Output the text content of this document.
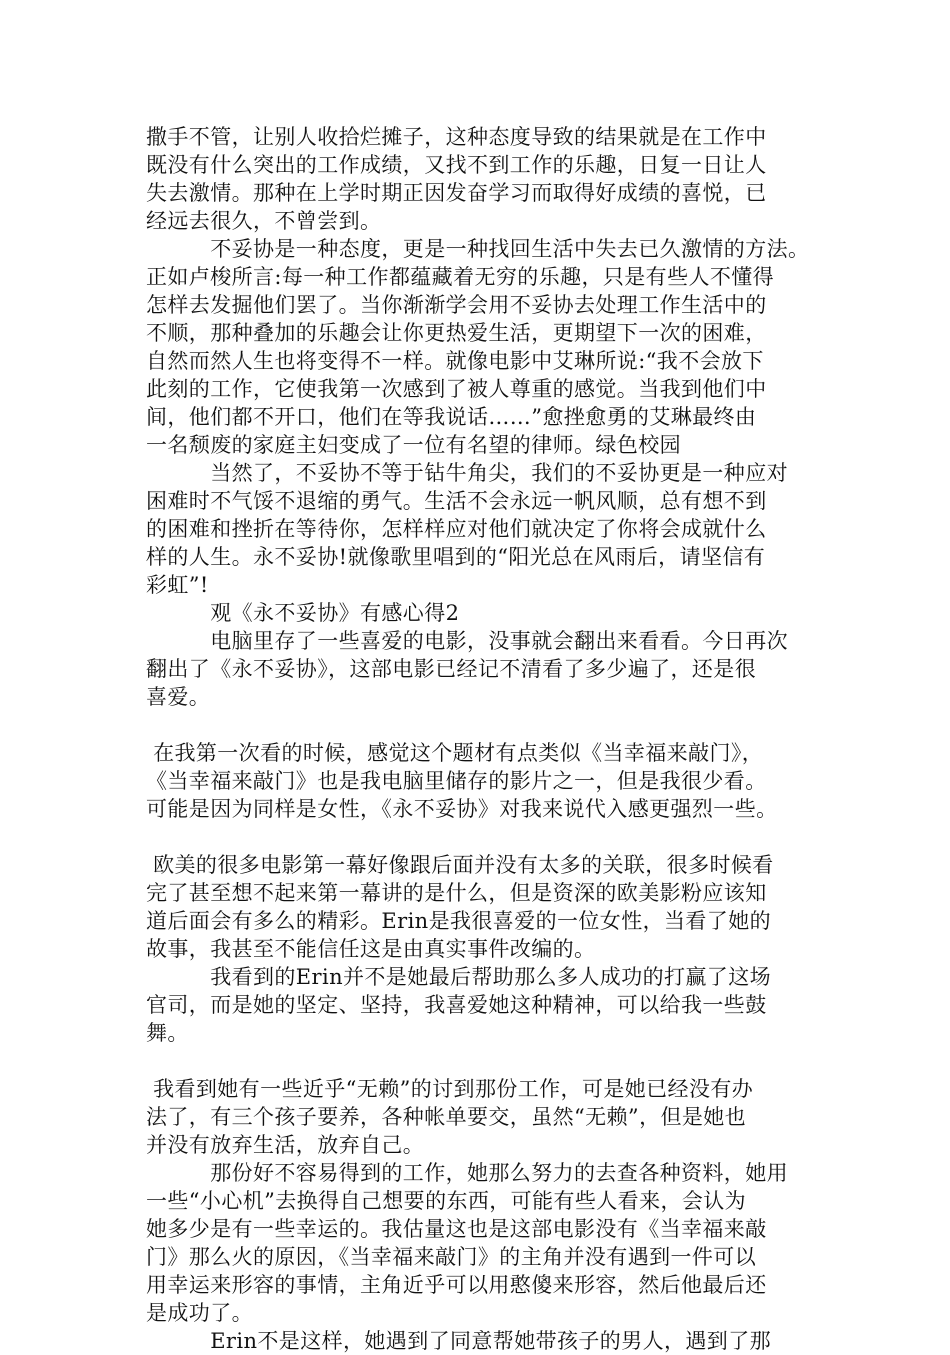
撒手不管，让别人收拾烂摊子，这种态度导致的结果就是在工作中
既没有什么突出的工作成绩，又找不到工作的乐趣，日复一日让人
失去激情。那种在上学时期正因发奋学习而取得好成绩的喜悦，已
经远去很久，不曾尝到。
　　　不妥协是一种态度，更是一种找回生活中失去已久激情的方法。
正如卢梭所言:每一种工作都蕴藏着无穷的乐趣，只是有些人不懂得
怎样去发掘他们罢了。当你渐渐学会用不妥协去处理工作生活中的
不顺，那种叠加的乐趣会让你更热爱生活，更期望下一次的困难，
自然而然人生也将变得不一样。就像电影中艾琳所说:“我不会放下
此刻的工作，它使我第一次感到了被人尊重的感觉。当我到他们中
间，他们都不开口，他们在等我说话……”愈挫愈勇的艾琳最终由
一名颓废的家庭主妇变成了一位有名望的律师。绿色校园
　　　当然了，不妥协不等于钻牛角尖，我们的不妥协更是一种应对
困难时不气馁不退缩的勇气。生活不会永远一帆风顺，总有想不到
的困难和挫折在等待你，怎样样应对他们就决定了你将会成就什么
样的人生。永不妥协!就像歌里唱到的“阳光总在风雨后，请坚信有
彩虹”!
　　　观《永不妥协》有感心得2
　　　电脑里存了一些喜爱的电影，没事就会翻出来看看。今日再次
翻出了《永不妥协》，这部电影已经记不清看了多少遍了，还是很
喜爱。
在我第一次看的时候，感觉这个题材有点类似《当幸福来敲门》，
《当幸福来敲门》也是我电脑里储存的影片之一，但是我很少看。
可能是因为同样是女性，《永不妥协》对我来说代入感更强烈一些。
欧美的很多电影第一幕好像跟后面并没有太多的关联，很多时候看
完了甚至想不起来第一幕讲的是什么，但是资深的欧美影粉应该知
道后面会有多么的精彩。Erin是我很喜爱的一位女性，当看了她的
故事，我甚至不能信任这是由真实事件改编的。
　　　我看到的Erin并不是她最后帮助那么多人成功的打赢了这场
官司，而是她的坚定、坚持，我喜爱她这种精神，可以给我一些鼓
舞。
我看到她有一些近乎“无赖”的讨到那份工作，可是她已经没有办
法了，有三个孩子要养，各种帐单要交，虽然“无赖”，但是她也
并没有放弃生活，放弃自己。
　　　那份好不容易得到的工作，她那么努力的去查各种资料，她用
一些“小心机”去换得自己想要的东西，可能有些人看来，会认为
她多少是有一些幸运的。我估量这也是这部电影没有《当幸福来敲
门》那么火的原因，《当幸福来敲门》的主角并没有遇到一件可以
用幸运来形容的事情，主角近乎可以用憨傻来形容，然后他最后还
是成功了。
　　　Erin不是这样，她遇到了同意帮她带孩子的男人，遇到了那
